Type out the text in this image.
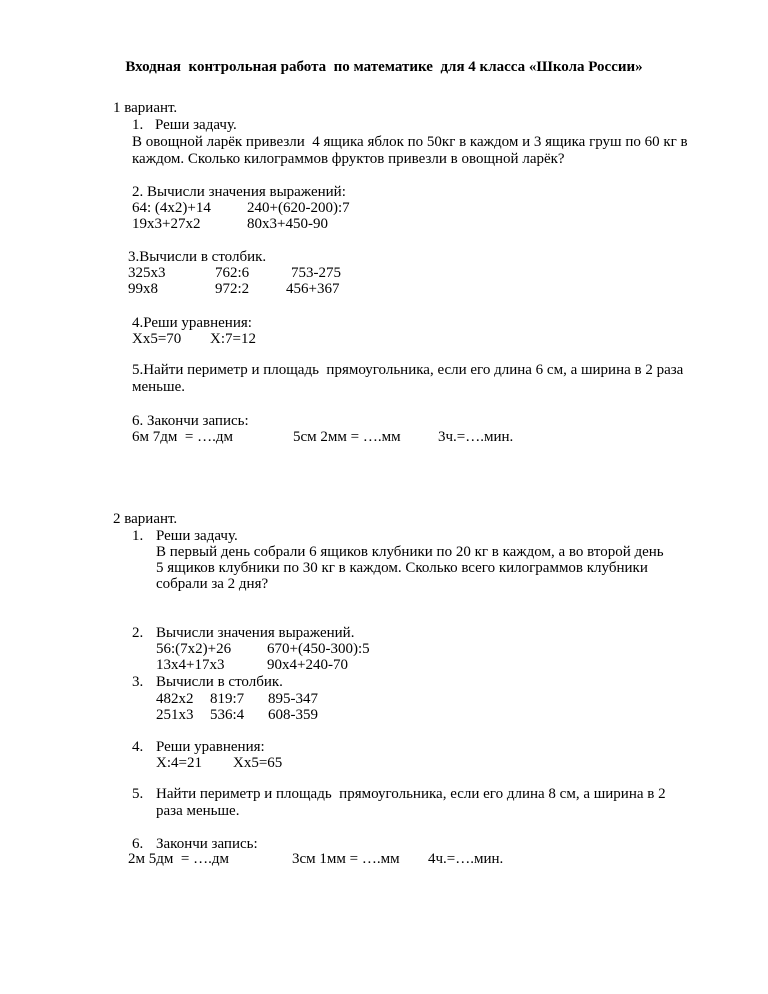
Входная  контрольная работа  по математике  для 4 класса «Школа России»
1 вариант.
1. Реши задачу.
В овощной ларёк привезли  4 ящика яблок по 50кг в каждом и 3 ящика груш по 60 кг в
каждом. Сколько килограммов фруктов привезли в овощной ларёк?
2. Вычисли значения выражений:
64: (4x2)+14 240+(620-200):7
19x3+27x2	80x3+450-90
3.Вычисли в столбик.
325x3	762:6	753-275
99x8	972:2 456+367
4.Реши уравнения:
Хх5=70 Х:7=12
5.Найти периметр и площадь  прямоугольника, если его длина 6 см, а ширина в 2 раза
меньше.
6. Закончи запись:
6м 7дм  = ….дм	5см 2мм = ….мм 3ч.=….мин.
2 вариант.
1. Реши задачу.
В первый день собрали 6 ящиков клубники по 20 кг в каждом, а во второй день
5 ящиков клубники по 30 кг в каждом. Сколько всего килограммов клубники
собрали за 2 дня?
2. Вычисли значения выражений.
56:(7x2)+26 670+(450-300):5
13x4+17x3	90x4+240-70
3. Вычисли в столбик.
482x2 819:7 895-347
251x3 536:4 608-359
4. Реши уравнения:
Х:4=21 Хх5=65
5. Найти периметр и площадь  прямоугольника, если его длина 8 см, а ширина в 2
раза меньше.
6. Закончи запись:
2м 5дм  = ….дм	3см 1мм = ….мм 4ч.=….мин.
